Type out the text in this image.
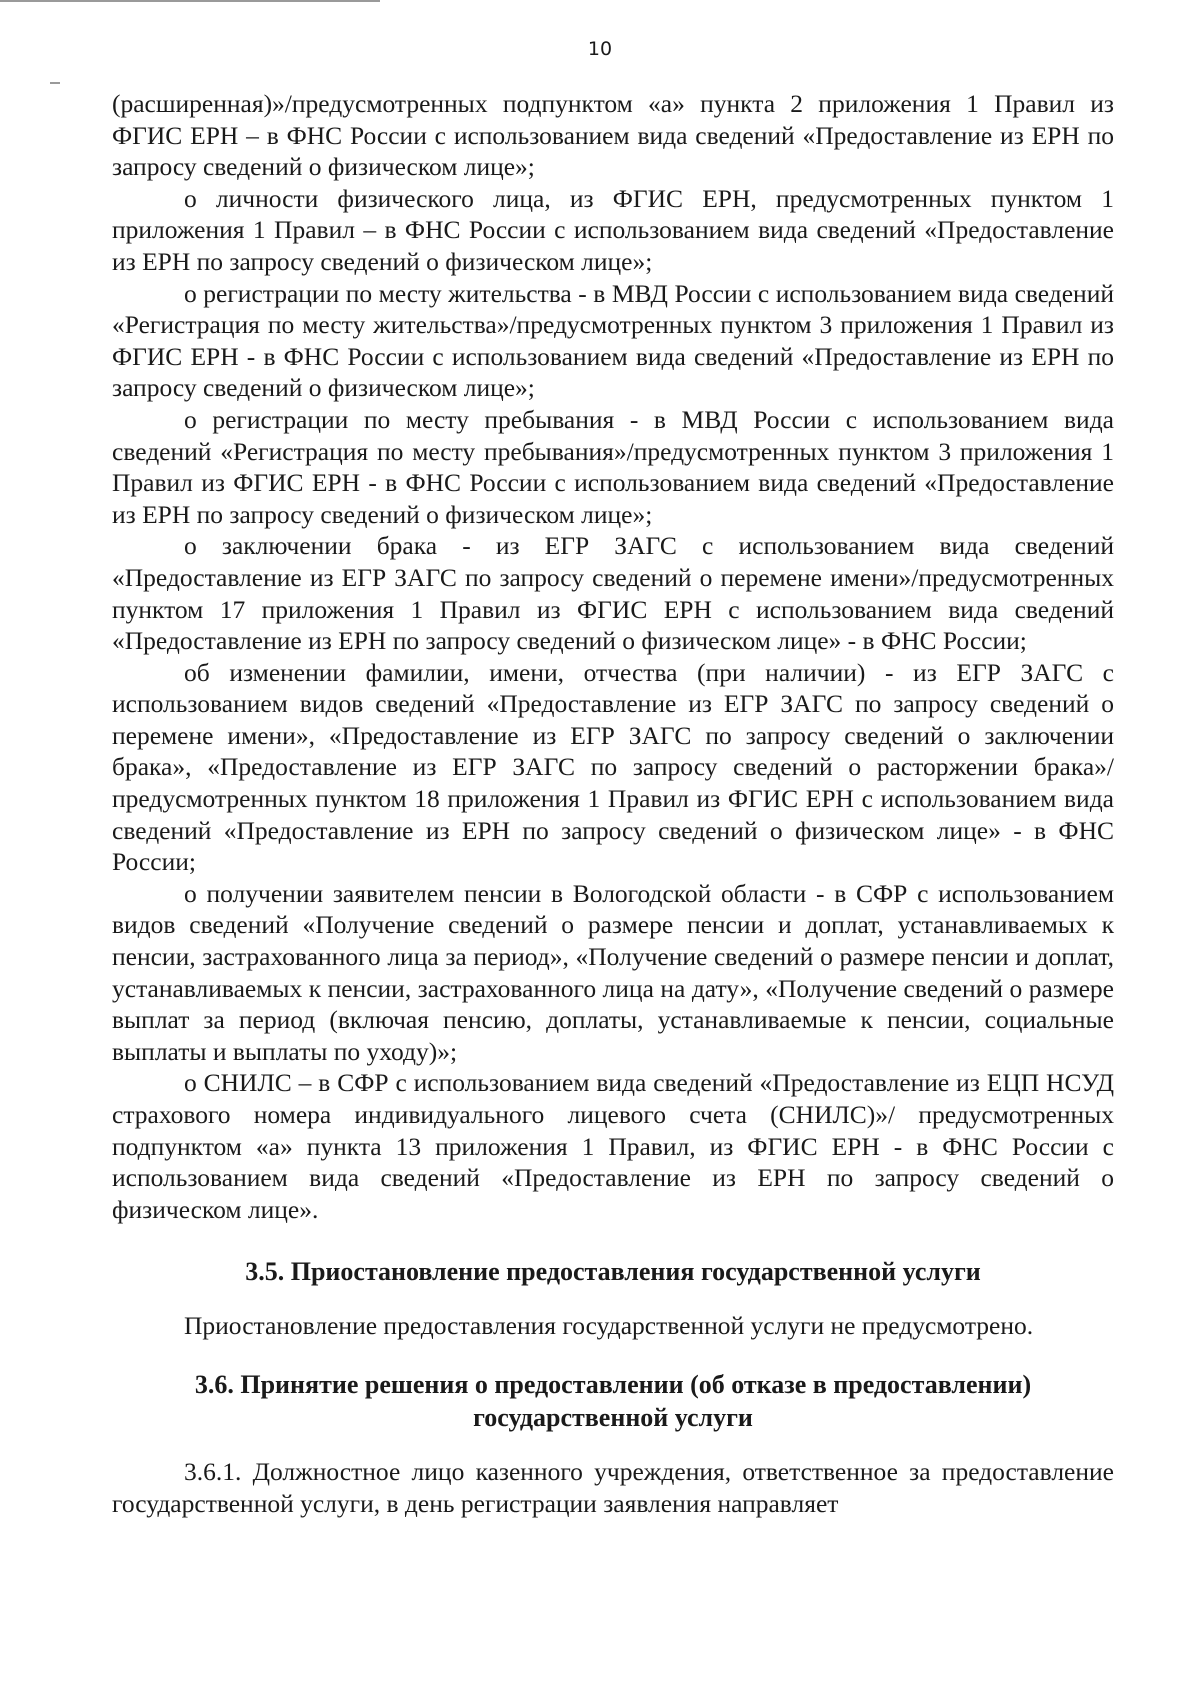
10

(расширенная)»/предусмотренных подпунктом «а» пункта 2 приложения 1 Правил из ФГИС ЕРН – в ФНС России с использованием вида сведений «Предоставление из ЕРН по запросу сведений о физическом лице»;

о личности физического лица, из ФГИС ЕРН, предусмотренных пунктом 1 приложения 1 Правил – в ФНС России с использованием вида сведений «Предоставление из ЕРН по запросу сведений о физическом лице»;

о регистрации по месту жительства - в МВД России с использованием вида сведений «Регистрация по месту жительства»/предусмотренных пунктом 3 приложения 1 Правил из ФГИС ЕРН - в ФНС России с использованием вида сведений «Предоставление из ЕРН по запросу сведений о физическом лице»;

о регистрации по месту пребывания - в МВД России с использованием вида сведений «Регистрация по месту пребывания»/предусмотренных пунктом 3 приложения 1 Правил из ФГИС ЕРН - в ФНС России с использованием вида сведений «Предоставление из ЕРН по запросу сведений о физическом лице»;

о заключении брака - из ЕГР ЗАГС с использованием вида сведений «Предоставление из ЕГР ЗАГС по запросу сведений о перемене имени»/предусмотренных пунктом 17 приложения 1 Правил из ФГИС ЕРН с использованием вида сведений «Предоставление из ЕРН по запросу сведений о физическом лице» - в ФНС России;

об изменении фамилии, имени, отчества (при наличии) - из ЕГР ЗАГС с использованием видов сведений «Предоставление из ЕГР ЗАГС по запросу сведений о перемене имени», «Предоставление из ЕГР ЗАГС по запросу сведений о заключении брака», «Предоставление из ЕГР ЗАГС по запросу сведений о расторжении брака»/предусмотренных пунктом 18 приложения 1 Правил из ФГИС ЕРН с использованием вида сведений «Предоставление из ЕРН по запросу сведений о физическом лице» - в ФНС России;

о получении заявителем пенсии в Вологодской области - в СФР с использованием видов сведений «Получение сведений о размере пенсии и доплат, устанавливаемых к пенсии, застрахованного лица за период», «Получение сведений о размере пенсии и доплат, устанавливаемых к пенсии, застрахованного лица на дату», «Получение сведений о размере выплат за период (включая пенсию, доплаты, устанавливаемые к пенсии, социальные выплаты и выплаты по уходу)»;

о СНИЛС – в СФР с использованием вида сведений «Предоставление из ЕЦП НСУД страхового номера индивидуального лицевого счета (СНИЛС)»/ предусмотренных подпунктом «а» пункта 13 приложения 1 Правил, из ФГИС ЕРН - в ФНС России с использованием вида сведений «Предоставление из ЕРН по запросу сведений о физическом лице».

3.5. Приостановление предоставления государственной услуги

Приостановление предоставления государственной услуги не предусмотрено.

3.6. Принятие решения о предоставлении (об отказе в предоставлении)

государственной услуги

3.6.1. Должностное лицо казенного учреждения, ответственное за предоставление государственной услуги, в день регистрации заявления направляет
